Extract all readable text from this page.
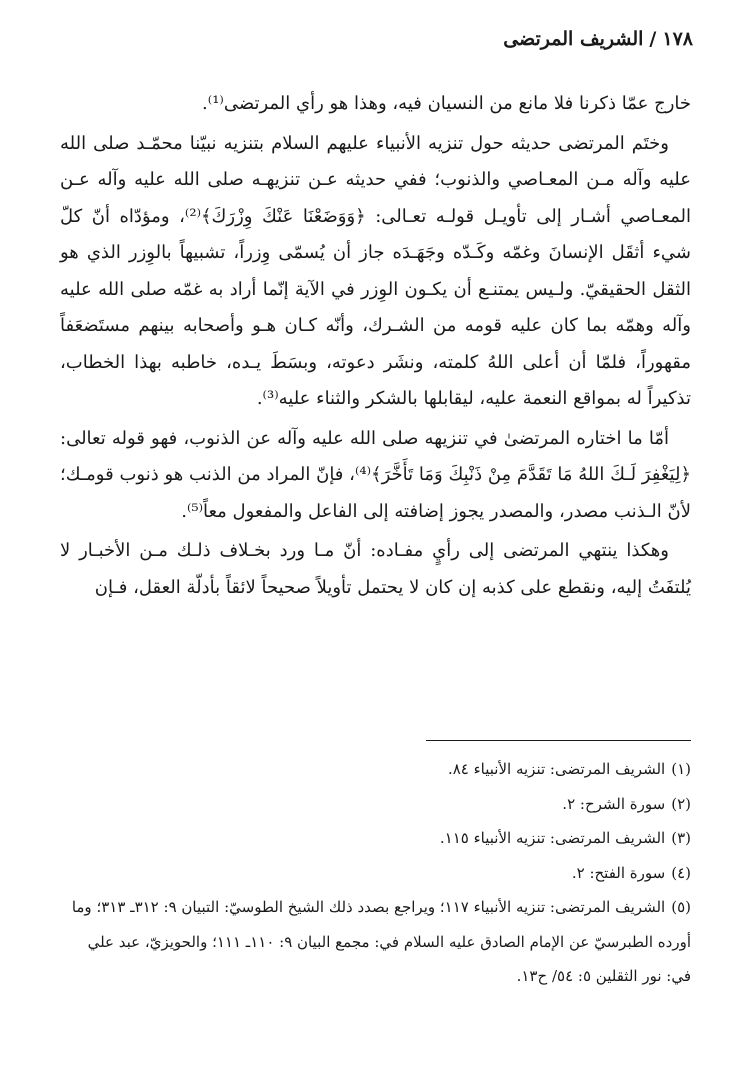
١٧٨/الشريف المرتضى

خارج عمّا ذكرنا فلا مانع من النسيان فيه، وهذا هو رأي المرتضى⁽¹⁾.

وختَم المرتضى حديثه حول تنزيه الأنبياء عليهم السلام بتنزيه نبيّنا محمّـد صلى الله عليه وآله مـن المعـاصي والذنوب؛ ففي حديثه عـن تنزيهـه صلى الله عليه وآله عـن المعـاصي أشـار إلى تأويـل قولـه تعـالى: ﴿وَوَضَعْنَا عَنْكَ وِزْرَكَ﴾⁽²⁾، ومؤدّاه أنّ كلّ شيء أثقَل الإنسانَ وغمّه وكَـدّه وجَهَـدَه جاز أن يُسمّى وِزراً، تشبيهاً بالوِزر الذي هو الثقل الحقيقيّ. ولـيس يمتنـع أن يكـون الوِزر في الآية إنّما أراد به غمّه صلى الله عليه وآله وهمّه بما كان عليه قومه من الشـرك، وأنّه كـان هـو وأصحابه بينهم مستَضعَفاً مقهوراً، فلمّا أن أعلى اللهُ كلمته، ونشَر دعوته، وبسَطَ يـده، خاطبه بهذا الخطاب، تذكيراً له بمواقع النعمة عليه، ليقابلها بالشكر والثناء عليه⁽³⁾.

أمّا ما اختاره المرتضىٰ في تنزيهه صلى الله عليه وآله عن الذنوب، فهو قوله تعالى: ﴿لِيَغْفِرَ لَـكَ اللهُ مَا تَقَدَّمَ مِنْ ذَنْبِكَ وَمَا تَأَخَّرَ﴾⁽⁴⁾، فإنّ المراد من الذنب هو ذنوب قومـك؛ لأنّ الـذنب مصدر، والمصدر يجوز إضافته إلى الفاعل والمفعول معاً⁽⁵⁾.

وهكذا ينتهي المرتضى إلى رأيٍ مفـاده: أنّ مـا ورد بخـلاف ذلـك مـن الأخبـار لا يُلتفَتُ إليه، ونقطع على كذبه إن كان لا يحتمل تأويلاً صحيحاً لائقاً بأدلّة العقل، فـإن

(١)الشريف المرتضى: تنزيه الأنبياء ٨٤.

(٢)سورة الشرح: ٢.

(٣)الشريف المرتضى: تنزيه الأنبياء ١١٥.

(٤)سورة الفتح: ٢.

(٥)الشريف المرتضى: تنزيه الأنبياء ١١٧؛ ويراجع بصدد ذلك الشيخ الطوسيّ: التبيان ٩: ٣١٢ـ ٣١٣؛ وما أورده الطبرسيّ عن الإمام الصادق عليه السلام في: مجمع البيان ٩: ١١٠ـ ١١١؛ والحويزيّ، عبد علي في: نور الثقلين ٥: ٥٤/ ح١٣.
